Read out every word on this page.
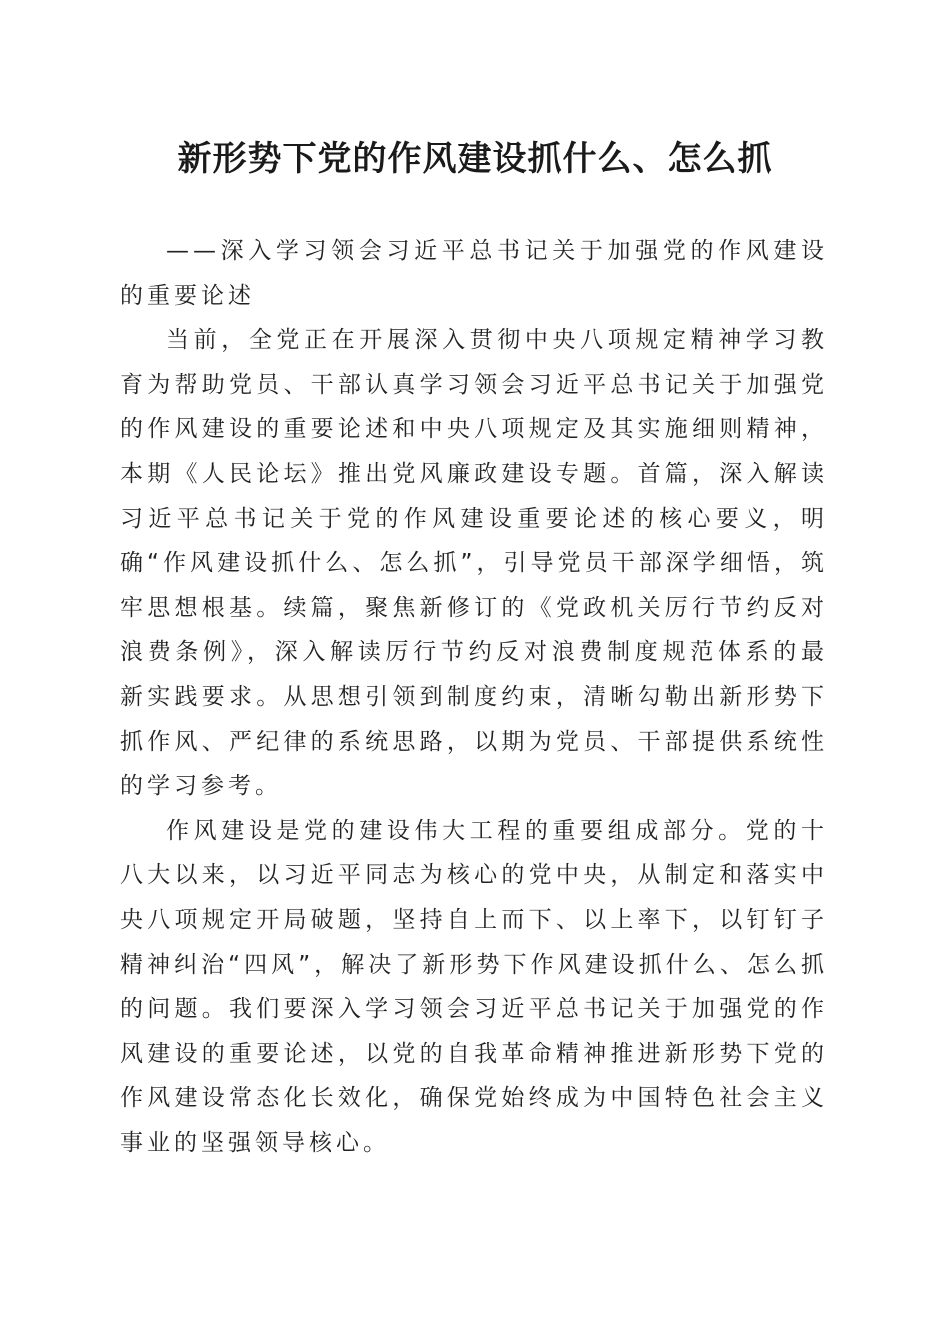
新形势下党的作风建设抓什么、怎么抓

——深入学习领会习近平总书记关于加强党的作风建设的重要论述

当前，全党正在开展深入贯彻中央八项规定精神学习教育为帮助党员、干部认真学习领会习近平总书记关于加强党的作风建设的重要论述和中央八项规定及其实施细则精神，本期《人民论坛》推出党风廉政建设专题。首篇，深入解读习近平总书记关于党的作风建设重要论述的核心要义，明确“作风建设抓什么、怎么抓”，引导党员干部深学细悟，筑牢思想根基。续篇，聚焦新修订的《党政机关厉行节约反对浪费条例》，深入解读厉行节约反对浪费制度规范体系的最新实践要求。从思想引领到制度约束，清晰勾勒出新形势下抓作风、严纪律的系统思路，以期为党员、干部提供系统性的学习参考。

作风建设是党的建设伟大工程的重要组成部分。党的十八大以来，以习近平同志为核心的党中央，从制定和落实中央八项规定开局破题，坚持自上而下、以上率下，以钉钉子精神纠治“四风”，解决了新形势下作风建设抓什么、怎么抓的问题。我们要深入学习领会习近平总书记关于加强党的作风建设的重要论述，以党的自我革命精神推进新形势下党的作风建设常态化长效化，确保党始终成为中国特色社会主义事业的坚强领导核心。
